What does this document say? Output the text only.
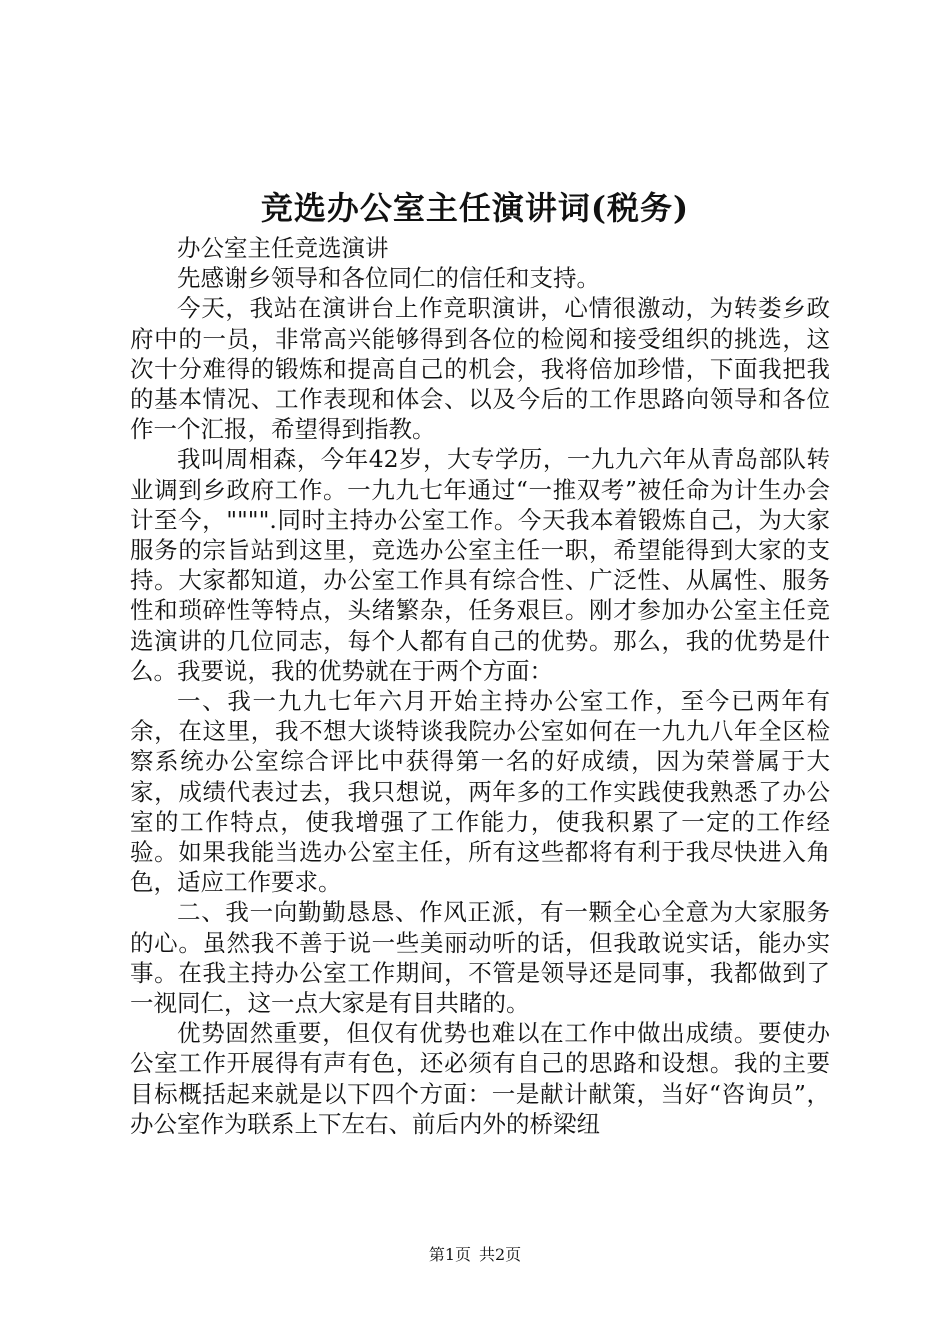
竞选办公室主任演讲词(税务)

办公室主任竞选演讲

先感谢乡领导和各位同仁的信任和支持。

今天，我站在演讲台上作竞职演讲，心情很激动，为转娄乡政府中的一员，非常高兴能够得到各位的检阅和接受组织的挑选，这次十分难得的锻炼和提高自己的机会，我将倍加珍惜，下面我把我的基本情况、工作表现和体会、以及今后的工作思路向领导和各位作一个汇报，希望得到指教。

我叫周相森，今年42岁，大专学历，一九九六年从青岛部队转业调到乡政府工作。一九九七年通过“一推双考”被任命为计生办会计至今，"""".同时主持办公室工作。今天我本着锻炼自己，为大家服务的宗旨站到这里，竞选办公室主任一职，希望能得到大家的支持。大家都知道，办公室工作具有综合性、广泛性、从属性、服务性和琐碎性等特点，头绪繁杂，任务艰巨。刚才参加办公室主任竞选演讲的几位同志，每个人都有自己的优势。那么，我的优势是什么。我要说，我的优势就在于两个方面：

一、我一九九七年六月开始主持办公室工作，至今已两年有余，在这里，我不想大谈特谈我院办公室如何在一九九八年全区检察系统办公室综合评比中获得第一名的好成绩，因为荣誉属于大家，成绩代表过去，我只想说，两年多的工作实践使我熟悉了办公室的工作特点，使我增强了工作能力，使我积累了一定的工作经验。如果我能当选办公室主任，所有这些都将有利于我尽快进入角色，适应工作要求。

二、我一向勤勤恳恳、作风正派，有一颗全心全意为大家服务的心。虽然我不善于说一些美丽动听的话，但我敢说实话，能办实事。在我主持办公室工作期间，不管是领导还是同事，我都做到了一视同仁，这一点大家是有目共睹的。

优势固然重要，但仅有优势也难以在工作中做出成绩。要使办公室工作开展得有声有色，还必须有自己的思路和设想。我的主要目标概括起来就是以下四个方面：一是献计献策，当好“咨询员”，办公室作为联系上下左右、前后内外的桥梁纽

第1页 共2页
